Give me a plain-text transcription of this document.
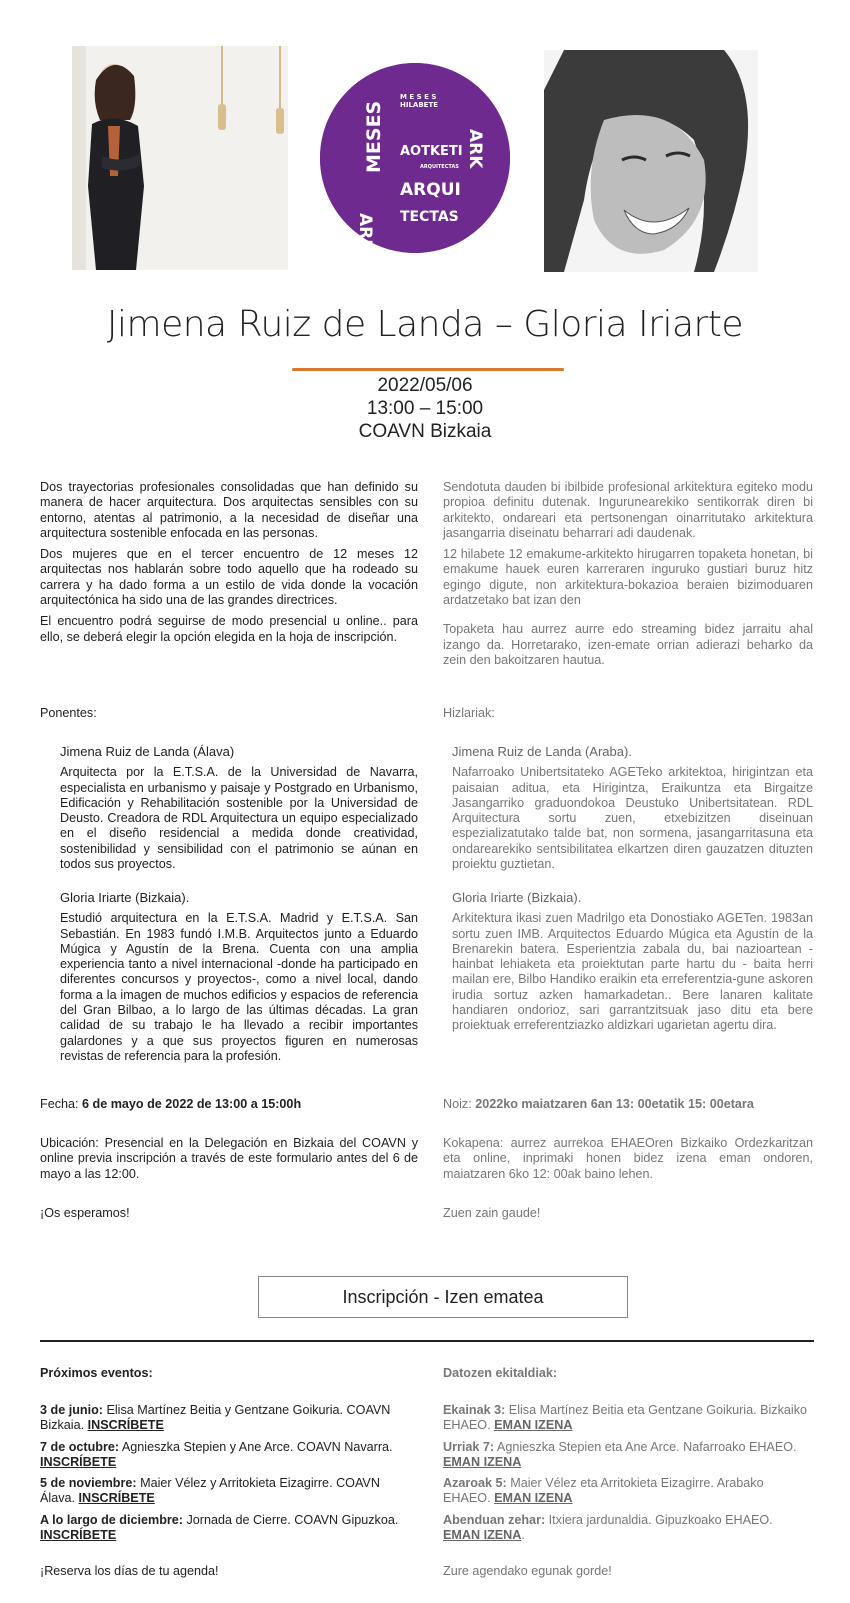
ARKITEKTO
MESES
M E S E S
HILABETE
ARK
AOTKETI
ARQUI
TECTAS
ARQUITECTAS
Jimena Ruiz de Landa – Gloria Iriarte
2022/05/06
13:00 – 15:00
COAVN Bizkaia

Dos trayectorias profesionales consolidadas que han definido su manera de hacer arquitectura. Dos arquitectas sensibles con su entorno, atentas al patrimonio, a la necesidad de diseñar una arquitectura sostenible enfocada en las personas.

Dos mujeres que en el tercer encuentro de 12 meses 12 arquitectas nos hablarán sobre todo aquello que ha rodeado su carrera y ha dado forma a un estilo de vida donde la vocación arquitectónica ha sido una de las grandes directrices.

El encuentro podrá seguirse de modo presencial u online.. para ello, se deberá elegir la opción elegida en la hoja de inscripción.

Sendotuta dauden bi ibilbide profesional arkitektura egiteko modu propioa definitu dutenak. Ingurunearekiko sentikorrak diren bi arkitekto, ondareari eta pertsonengan oinarritutako arkitektura jasangarria diseinatu beharrari adi daudenak.

12 hilabete 12 emakume-arkitekto hirugarren topaketa honetan, bi emakume hauek euren karreraren inguruko gustiari buruz hitz egingo digute, non arkitektura-bokazioa beraien bizimoduaren ardatzetako bat izan den

Topaketa hau aurrez aurre edo streaming bidez jarraitu ahal izango da. Horretarako, izen-emate orrian adierazi beharko da zein den bakoitzaren hautua.

Ponentes:	Hizlariak:
Jimena Ruiz de Landa (Álava)

Arquitecta por la E.T.S.A. de la Universidad de Navarra, especialista en urbanismo y paisaje y Postgrado en Urbanismo, Edificación y Rehabilitación sostenible por la Universidad de Deusto. Creadora de RDL Arquitectura un equipo especializado en el diseño residencial a medida donde creatividad, sostenibilidad y sensibilidad con el patrimonio se aúnan en todos sus proyectos.

Jimena Ruiz de Landa (Araba).

Nafarroako Unibertsitateko AGETeko arkitektoa, hirigintzan eta paisaian aditua, eta Hirigintza, Eraikuntza eta Birgaitze Jasangarriko graduondokoa Deustuko Unibertsitatean. RDL Arquitectura sortu zuen, etxebizitzen diseinuan espezializatutako talde bat, non sormena, jasangarritasuna eta ondarearekiko sentsibilitatea elkartzen diren gauzatzen dituzten proiektu guztietan.

Gloria Iriarte (Bizkaia).

Estudió arquitectura en la E.T.S.A. Madrid y E.T.S.A. San Sebastián. En 1983 fundó I.M.B. Arquitectos junto a Eduardo Múgica y Agustín de la Brena. Cuenta con una amplia experiencia tanto a nivel internacional -donde ha participado en diferentes concursos y proyectos-, como a nivel local, dando forma a la imagen de muchos edificios y espacios de referencia del Gran Bilbao, a lo largo de las últimas décadas. La gran calidad de su trabajo le ha llevado a recibir importantes galardones y a que sus proyectos figuren en numerosas revistas de referencia para la profesión.

Gloria Iriarte (Bizkaia).

Arkitektura ikasi zuen Madrilgo eta Donostiako AGETen. 1983an sortu zuen IMB. Arquitectos Eduardo Múgica eta Agustín de la Brenarekin batera. Esperientzia zabala du, bai nazioartean -hainbat lehiaketa eta proiektutan parte hartu du - baita herri mailan ere, Bilbo Handiko eraikin eta erreferentzia-gune askoren irudia sortuz azken hamarkadetan.. Bere lanaren kalitate handiaren ondorioz, sari garrantzitsuak jaso ditu eta bere proiektuak erreferentziazko aldizkari ugarietan agertu dira.

Fecha: 6 de mayo de 2022 de 13:00 a 15:00h	Noiz: 2022ko maiatzaren 6an 13: 00etatik 15: 00etara
Ubicación: Presencial en la Delegación en Bizkaia del COAVN y online previa inscripción a través de este formulario antes del 6 de mayo a las 12:00.
Kokapena: aurrez aurrekoa EHAEOren Bizkaiko Ordezkaritzan eta online, inprimaki honen bidez izena eman ondoren, maiatzaren 6ko 12: 00ak baino lehen.
¡Os esperamos!	Zuen zain gaude!
Inscripción - Izen ematea
Próximos eventos:	Datozen ekitaldiak:
3 de junio: Elisa Martínez Beitia y Gentzane Goikuria. COAVN Bizkaia. INSCRÍBETE
7 de octubre: Agnieszka Stepien y Ane Arce. COAVN Navarra. INSCRÍBETE
5 de noviembre: Maier Vélez y Arritokieta Eizagirre. COAVN Álava. INSCRÍBETE
A lo largo de diciembre: Jornada de Cierre. COAVN Gipuzkoa. INSCRÍBETE
Ekainak 3: Elisa Martínez Beitia eta Gentzane Goikuria. Bizkaiko EHAEO. EMAN IZENA
Urriak 7: Agnieszka Stepien eta Ane Arce. Nafarroako EHAEO. EMAN IZENA
Azaroak 5: Maier Vélez eta Arritokieta Eizagirre. Arabako EHAEO. EMAN IZENA
Abenduan zehar: Itxiera jardunaldia. Gipuzkoako EHAEO. EMAN IZENA.
¡Reserva los días de tu agenda!	Zure agendako egunak gorde!
